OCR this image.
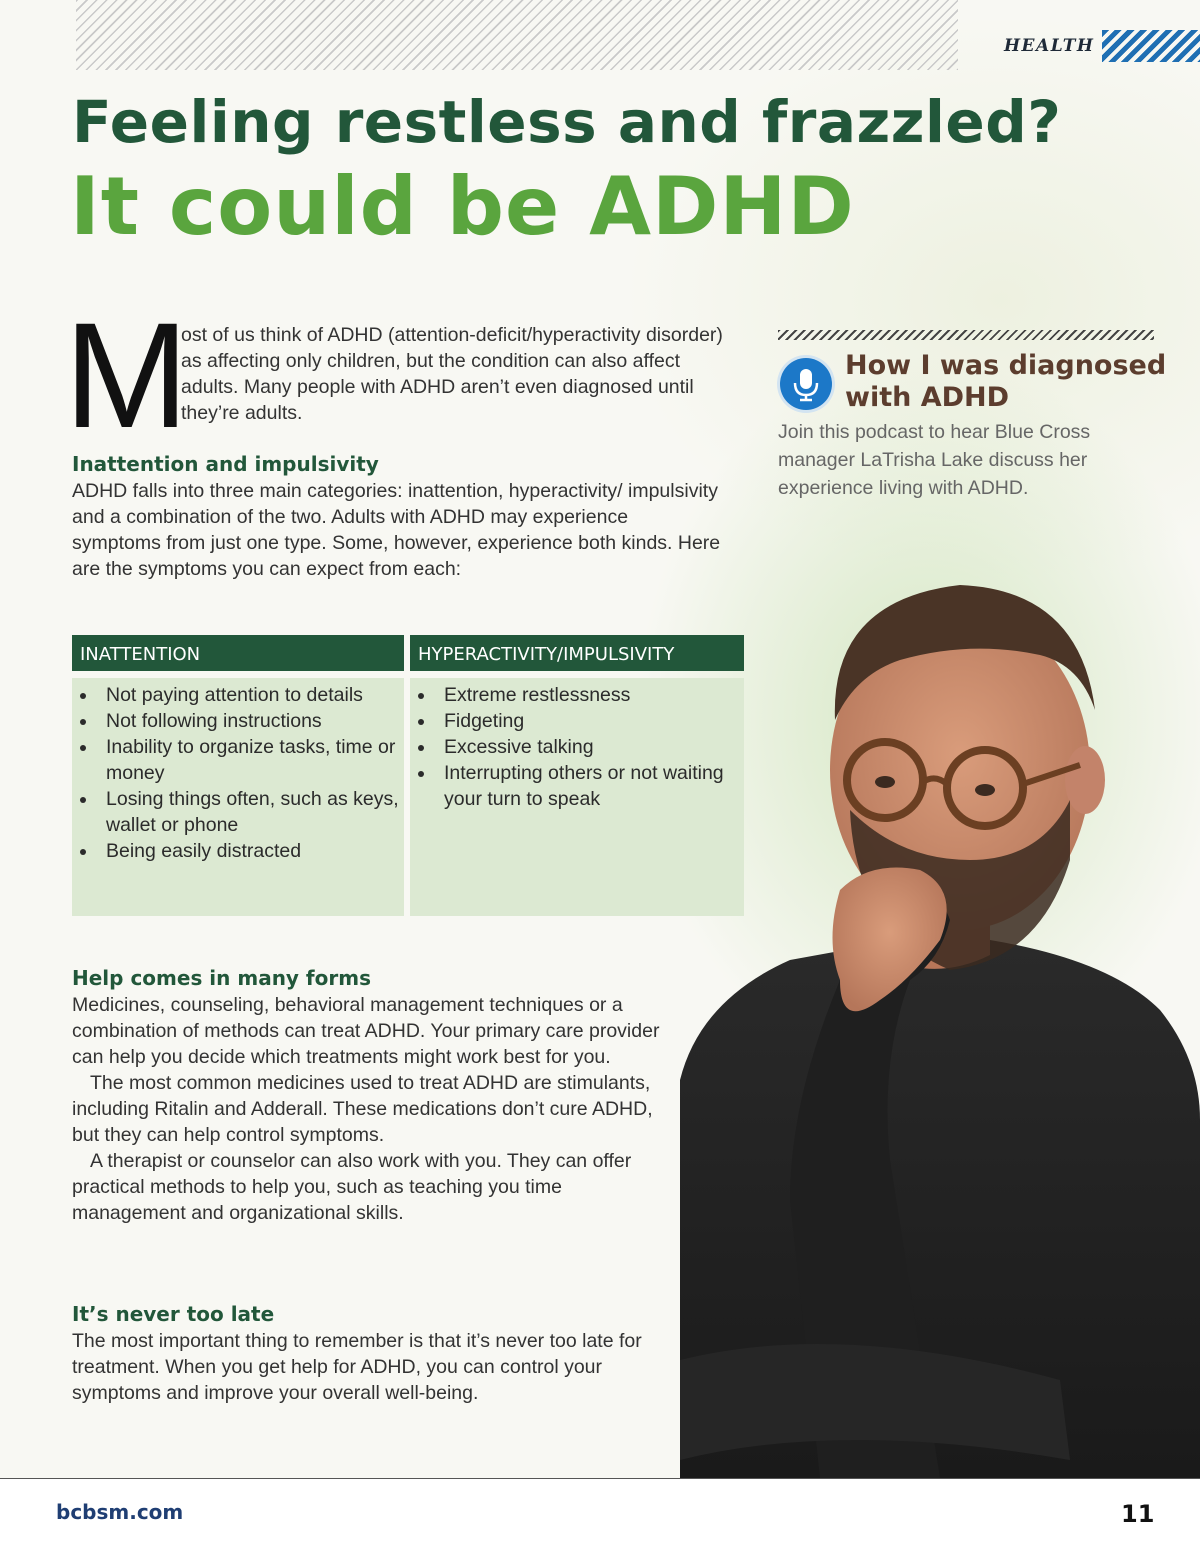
HEALTH
Feeling restless and frazzled?
It could be ADHD
M

ost of us think of ADHD (attention-deficit/hyperactivity disorder) as affecting only children, but the condition can also affect adults. Many people with ADHD aren’t even diagnosed until they’re adults.

Inattention and impulsivity

ADHD falls into three main categories: inattention, hyperactivity/ impulsivity and a combination of the two. Adults with ADHD may experience symptoms from just one type. Some, however, experience both kinds. Here are the symptoms you can expect from each:

INATTENTION	HYPERACTIVITY/IMPULSIVITY
• Not paying attention to details
• Not following instructions
• Inability to organize tasks, time or money
• Losing things often, such as keys, wallet or phone
• Being easily distracted
• Extreme restlessness
• Fidgeting
• Excessive talking
• Interrupting others or not waiting your turn to speak
How I was diagnosed with ADHD

Join this podcast to hear Blue Cross manager LaTrisha Lake discuss her experience living with ADHD.

Help comes in many forms

Medicines, counseling, behavioral management techniques or a combination of methods can treat ADHD. Your primary care provider can help you decide which treatments might work best for you.
The most common medicines used to treat ADHD are stimulants, including Ritalin and Adderall. These medications don’t cure ADHD, but they can help control symptoms.
A therapist or counselor can also work with you. They can offer practical methods to help you, such as teaching you time management and organizational skills.

It’s never too late

The most important thing to remember is that it’s never too late for treatment. When you get help for ADHD, you can control your symptoms and improve your overall well-being.

bcbsm.com	11
